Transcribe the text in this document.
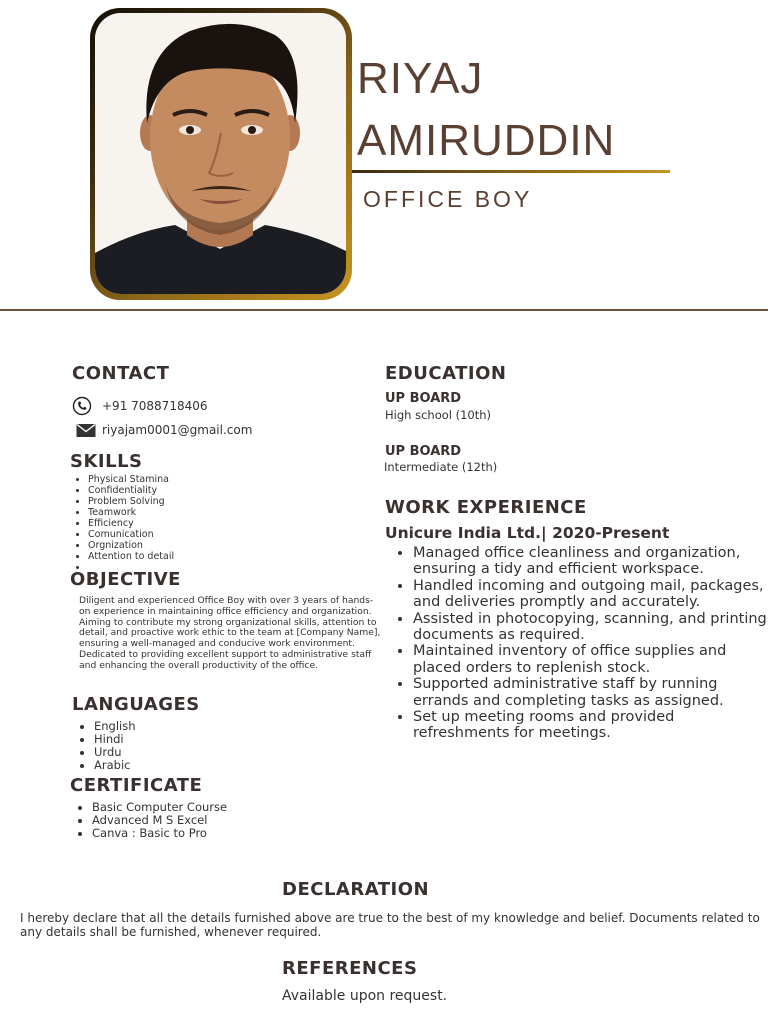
RIYAJ
AMIRUDDIN
OFFICE BOY
CONTACT
+91 7088718406
riyajam0001@gmail.com
SKILLS
• Physical Stamina
• Confidentiality
• Problem Solving
• Teamwork
• Efficiency
• Comunication
• Orgnization
• Attention to detail
•
OBJECTIVE
Diligent and experienced Office Boy with over 3 years of hands-on experience in maintaining office efficiency and organization. Aiming to contribute my strong organizational skills, attention to detail, and proactive work ethic to the team at [Company Name], ensuring a well-managed and conducive work environment. Dedicated to providing excellent support to administrative staff and enhancing the overall productivity of the office.
LANGUAGES
• English
• Hindi
• Urdu
• Arabic
CERTIFICATE
• Basic Computer Course
• Advanced M S Excel
• Canva : Basic to Pro
EDUCATION
UP BOARD
High school (10th)
UP BOARD
Intermediate (12th)
WORK EXPERIENCE
Unicure India Ltd.| 2020-Present
• Managed office cleanliness and organization, ensuring a tidy and efficient workspace.
• Handled incoming and outgoing mail, packages, and deliveries promptly and accurately.
• Assisted in photocopying, scanning, and printing documents as required.
• Maintained inventory of office supplies and placed orders to replenish stock.
• Supported administrative staff by running errands and completing tasks as assigned.
• Set up meeting rooms and provided refreshments for meetings.
DECLARATION
I hereby declare that all the details furnished above are true to the best of my knowledge and belief. Documents related to any details shall be furnished, whenever required.
REFERENCES
Available upon request.
